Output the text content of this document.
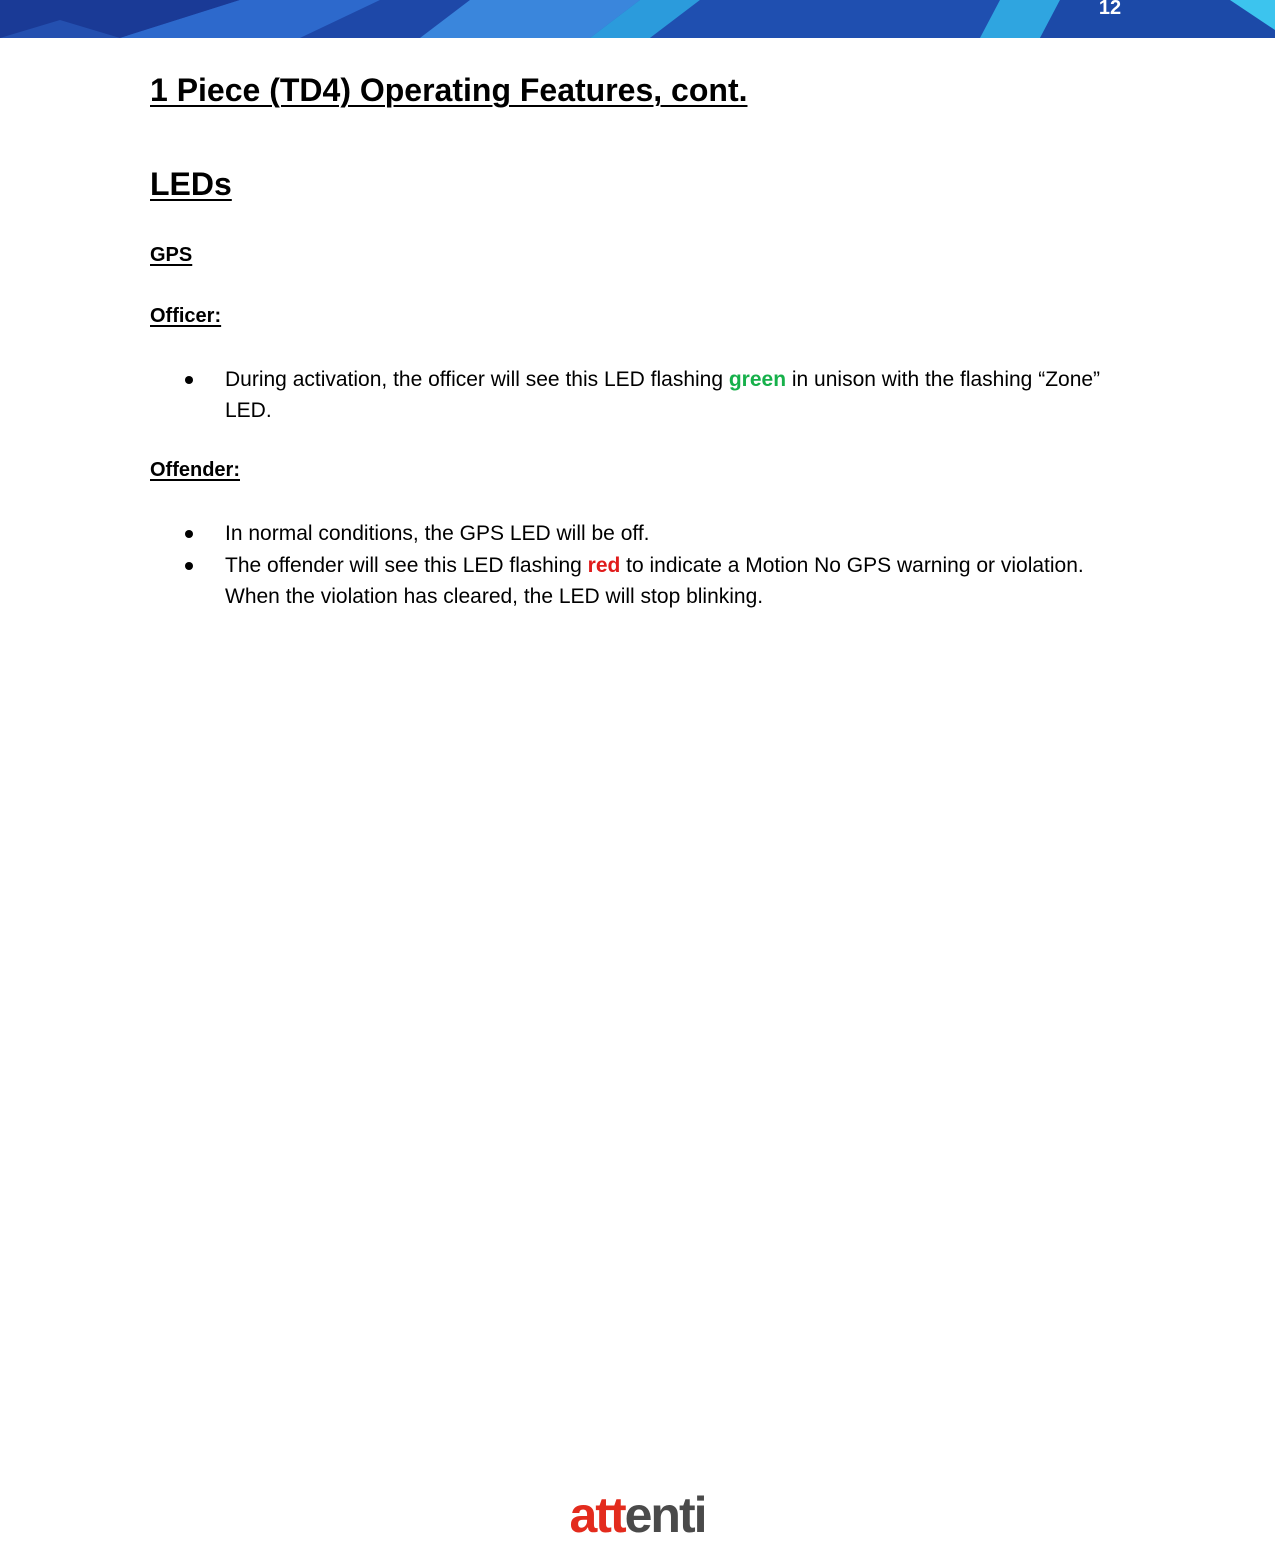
12
1 Piece (TD4) Operating Features, cont.
LEDs
GPS
Officer:
During activation, the officer will see this LED flashing green in unison with the flashing “Zone” LED.
Offender:
In normal conditions, the GPS LED will be off.
The offender will see this LED flashing red to indicate a Motion No GPS warning or violation. When the violation has cleared, the LED will stop blinking.
attenti
